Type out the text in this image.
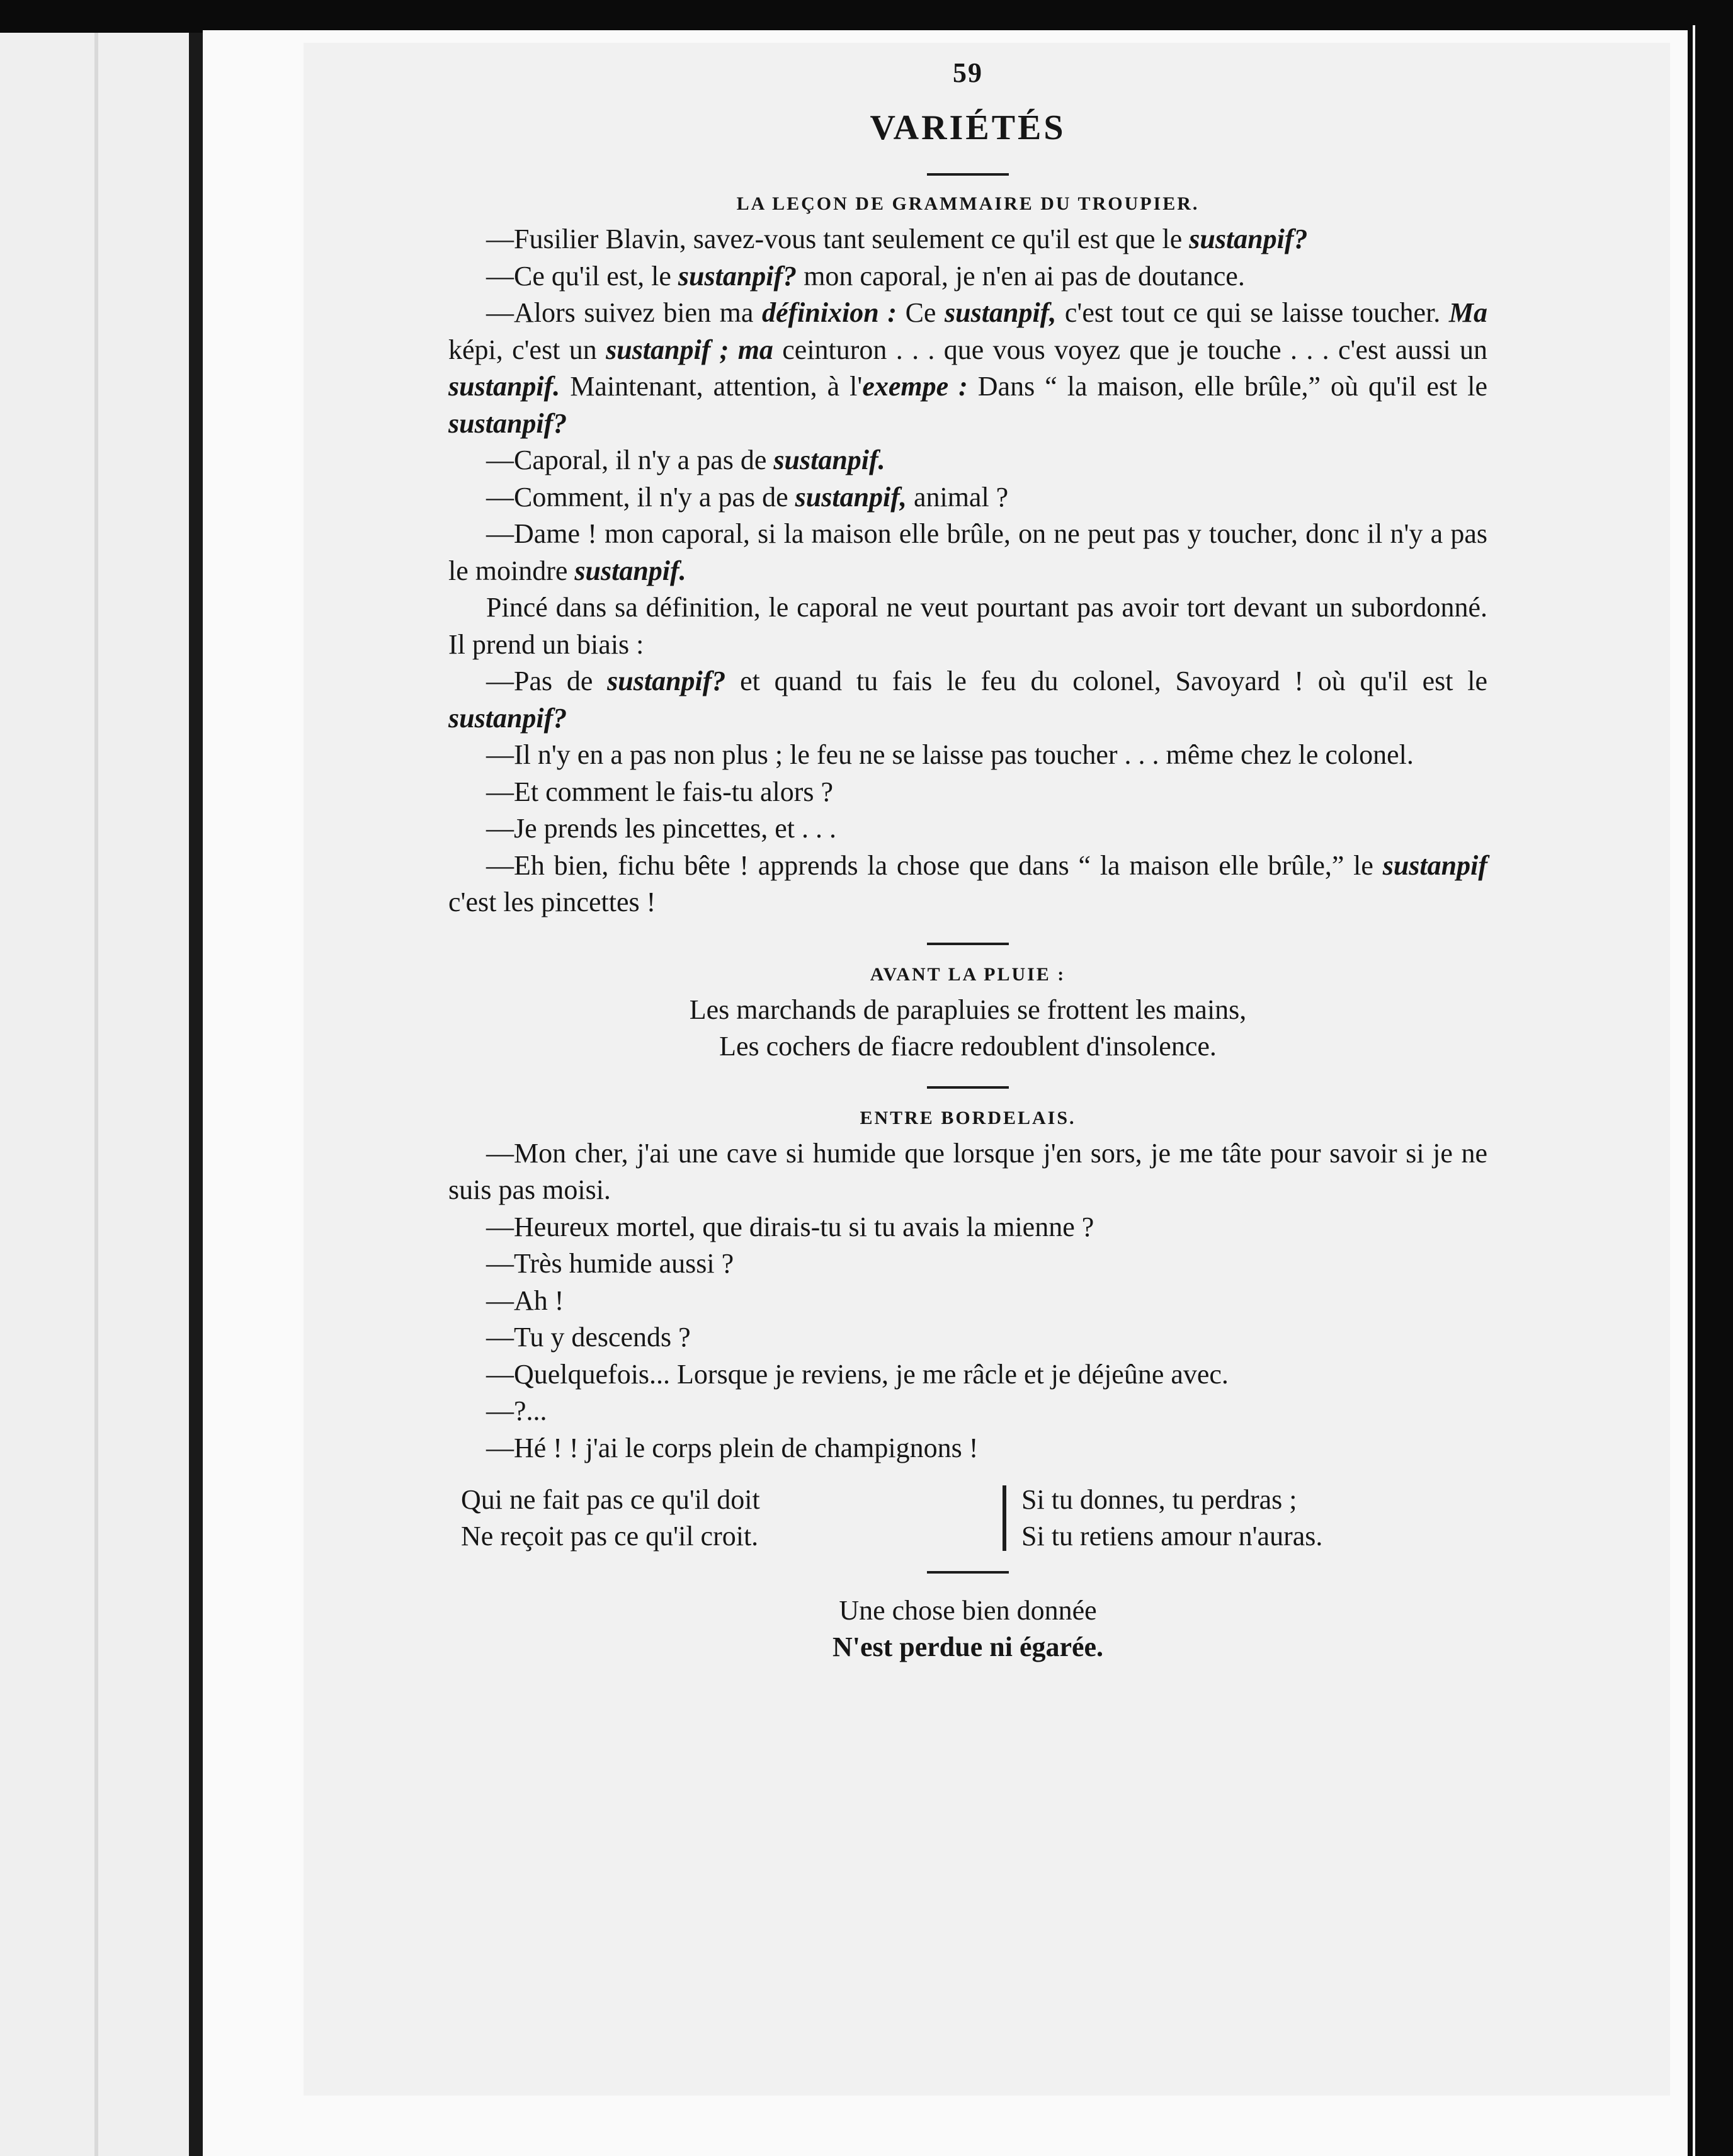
59
VARIÉTÉS
LA LEÇON DE GRAMMAIRE DU TROUPIER.

—Fusilier Blavin, savez-vous tant seulement ce qu'il est que le sustanpif?

—Ce qu'il est, le sustanpif? mon caporal, je n'en ai pas de doutance.

—Alors suivez bien ma définixion : Ce sustanpif, c'est tout ce qui se laisse toucher. Ma képi, c'est un sustanpif ; ma ceinturon . . . que vous voyez que je touche . . . c'est aussi un sustanpif. Maintenant, attention, à l'exempe : Dans “ la maison, elle brûle,” où qu'il est le sustanpif?

—Caporal, il n'y a pas de sustanpif.

—Comment, il n'y a pas de sustanpif, animal ?

—Dame ! mon caporal, si la maison elle brûle, on ne peut pas y toucher, donc il n'y a pas le moindre sustanpif.

Pincé dans sa définition, le caporal ne veut pourtant pas avoir tort devant un subordonné. Il prend un biais :

—Pas de sustanpif? et quand tu fais le feu du colonel, Savoyard ! où qu'il est le sustanpif?

—Il n'y en a pas non plus ; le feu ne se laisse pas toucher . . . même chez le colonel.

—Et comment le fais-tu alors ?

—Je prends les pincettes, et . . .

—Eh bien, fichu bête ! apprends la chose que dans “ la maison elle brûle,” le sustanpif c'est les pincettes !

AVANT LA PLUIE :
Les marchands de parapluies se frottent les mains,
Les cochers de fiacre redoublent d'insolence.
ENTRE BORDELAIS.

—Mon cher, j'ai une cave si humide que lorsque j'en sors, je me tâte pour savoir si je ne suis pas moisi.

—Heureux mortel, que dirais-tu si tu avais la mienne ?

—Très humide aussi ?

—Ah !

—Tu y descends ?

—Quelquefois... Lorsque je reviens, je me râcle et je déjeûne avec.

—?...

—Hé ! ! j'ai le corps plein de champignons !

Qui ne fait pas ce qu'il doit
Ne reçoit pas ce qu'il croit.
Si tu donnes, tu perdras ;
Si tu retiens amour n'auras.
Une chose bien donnée
N'est perdue ni égarée.
